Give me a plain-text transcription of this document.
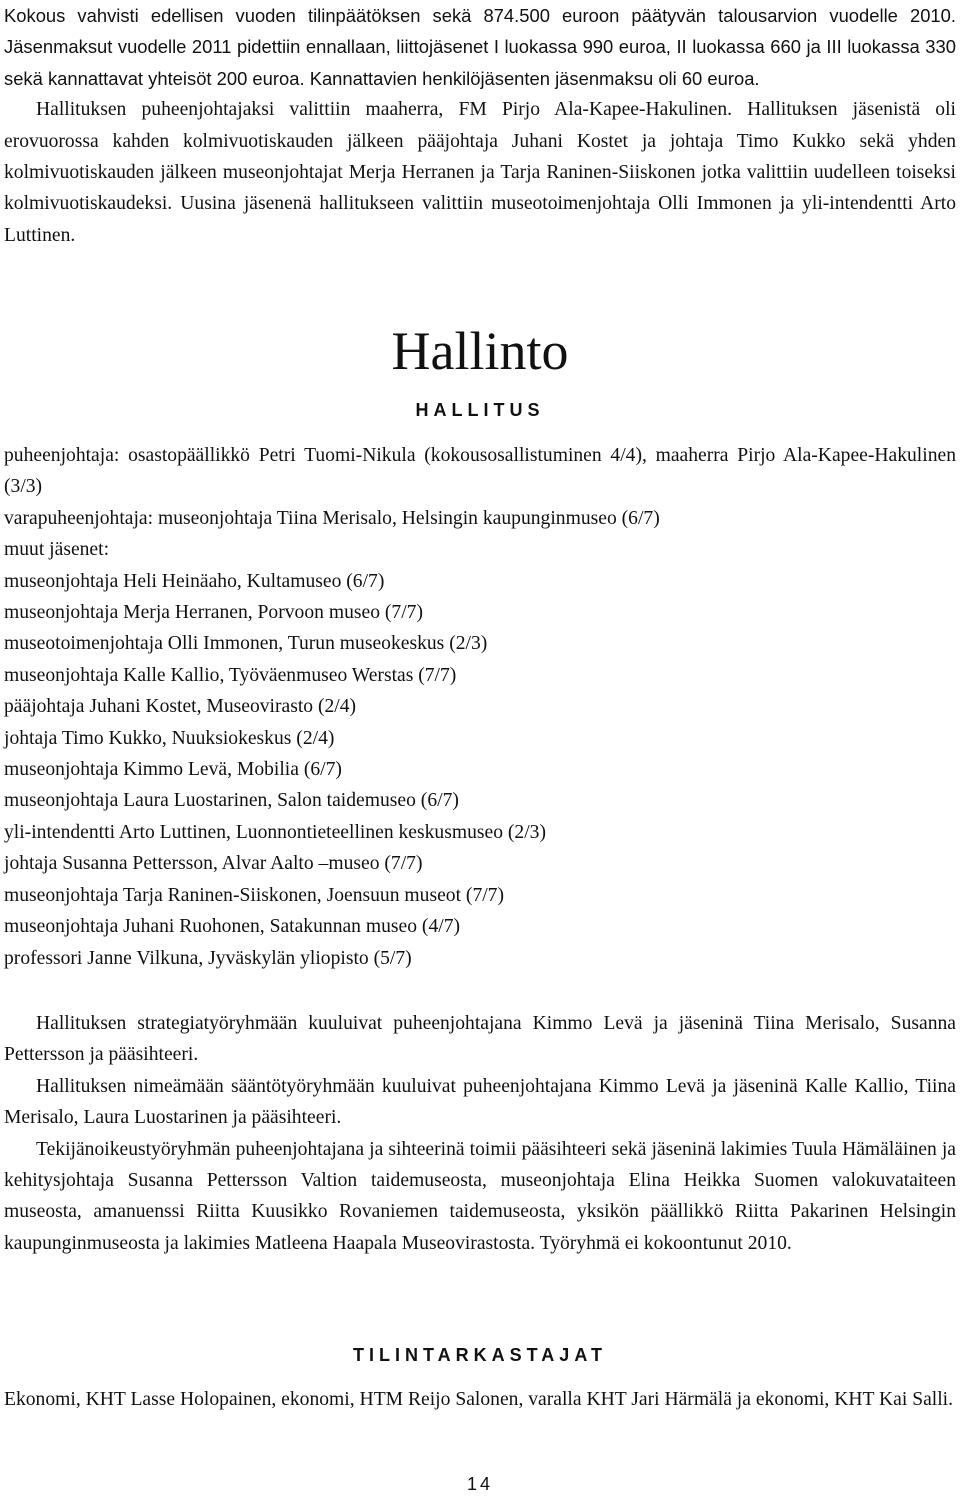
Kokous vahvisti edellisen vuoden tilinpäätöksen sekä 874.500 euroon päätyvän talousarvion vuodelle 2010. Jäsenmaksut vuodelle 2011 pidettiin ennallaan, liittojäsenet I luokassa 990 euroa, II luokassa 660 ja III luokassa 330 sekä kannattavat yhteisöt 200 euroa. Kannattavien henkilöjäsenten jäsenmaksu oli 60 euroa.

Hallituksen puheenjohtajaksi valittiin maaherra, FM Pirjo Ala-Kapee-Hakulinen. Hallituksen jäsenistä oli erovuorossa kahden kolmivuotiskauden jälkeen pääjohtaja Juhani Kostet ja johtaja Timo Kukko sekä yhden kolmivuotiskauden jälkeen museonjohtajat Merja Herranen ja Tarja Raninen-Siiskonen jotka valittiin uudelleen toiseksi kolmivuotiskaudeksi. Uusina jäsenenä hallitukseen valittiin museotoimenjohtaja Olli Immonen ja yli-intendentti Arto Luttinen.

Hallinto
HALLITUS

puheenjohtaja: osastopäällikkö Petri Tuomi-Nikula (kokousosallistuminen 4/4), maaherra Pirjo Ala-Kapee-Hakulinen (3/3)

varapuheenjohtaja: museonjohtaja Tiina Merisalo, Helsingin kaupunginmuseo (6/7)

muut jäsenet:

museonjohtaja Heli Heinäaho, Kultamuseo (6/7)

museonjohtaja Merja Herranen, Porvoon museo (7/7)

museotoimenjohtaja Olli Immonen, Turun museokeskus (2/3)

museonjohtaja Kalle Kallio, Työväenmuseo Werstas (7/7)

pääjohtaja Juhani Kostet, Museovirasto (2/4)

johtaja Timo Kukko, Nuuksiokeskus (2/4)

museonjohtaja Kimmo Levä, Mobilia (6/7)

museonjohtaja Laura Luostarinen, Salon taidemuseo (6/7)

yli-intendentti Arto Luttinen, Luonnontieteellinen keskusmuseo (2/3)

johtaja Susanna Pettersson, Alvar Aalto –museo (7/7)

museonjohtaja Tarja Raninen-Siiskonen, Joensuun museot (7/7)

museonjohtaja Juhani Ruohonen, Satakunnan museo (4/7)

professori Janne Vilkuna, Jyväskylän yliopisto (5/7)

Hallituksen strategiatyöryhmään kuuluivat puheenjohtajana Kimmo Levä ja jäseninä Tiina Merisalo, Susanna Pettersson ja pääsihteeri.

Hallituksen nimeämään sääntötyöryhmään kuuluivat puheenjohtajana Kimmo Levä ja jäseninä Kalle Kallio, Tiina Merisalo, Laura Luostarinen ja pääsihteeri.

Tekijänoikeustyöryhmän puheenjohtajana ja sihteerinä toimii pääsihteeri sekä jäseninä lakimies Tuula Hämäläinen ja kehitysjohtaja Susanna Pettersson Valtion taidemuseosta, museonjohtaja Elina Heikka Suomen valokuvataiteen museosta, amanuenssi Riitta Kuusikko Rovaniemen taidemuseosta, yksikön päällikkö Riitta Pakarinen Helsingin kaupunginmuseosta ja lakimies Matleena Haapala Museovirastosta. Työryhmä ei kokoontunut 2010.

TILINTARKASTAJAT

Ekonomi, KHT Lasse Holopainen, ekonomi, HTM Reijo Salonen, varalla KHT Jari Härmälä ja ekonomi, KHT Kai Salli.

14
